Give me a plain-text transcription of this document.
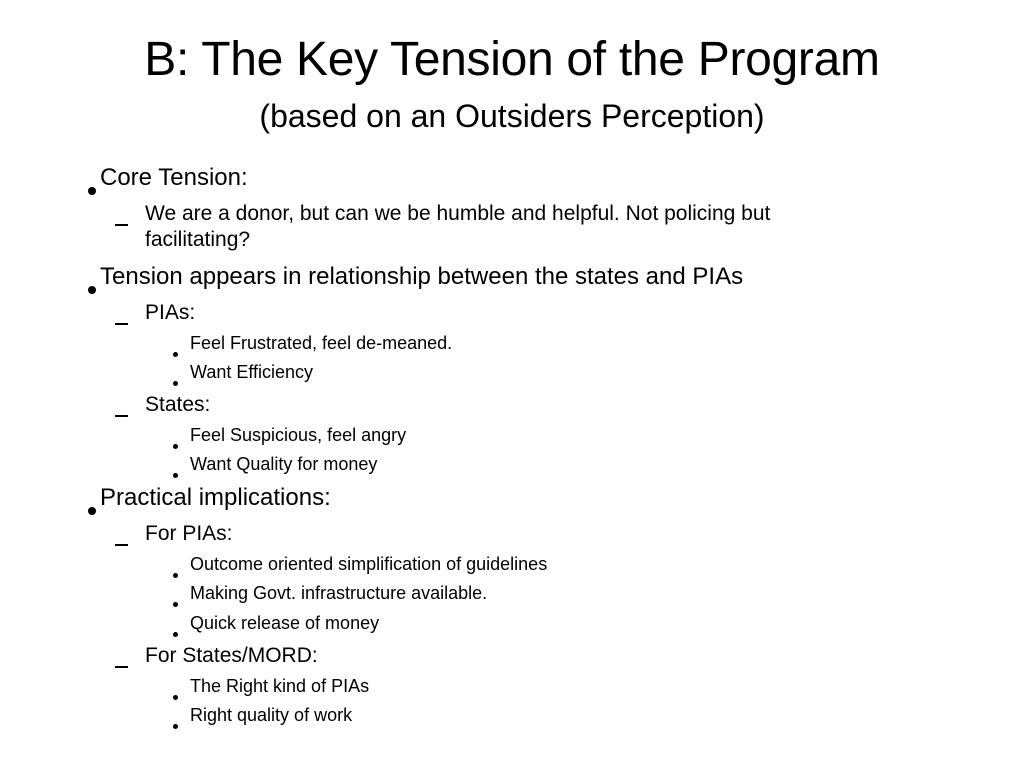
B: The Key Tension of the Program
(based on an Outsiders Perception)
Core Tension:
We are a donor, but can we be humble and helpful. Not policing but
facilitating?
Tension appears in relationship between the states and PIAs
PIAs:
Feel Frustrated, feel de-meaned.
Want Efficiency
States:
Feel Suspicious, feel angry
Want Quality for money
Practical implications:
For PIAs:
Outcome oriented simplification of guidelines
Making Govt. infrastructure available.
Quick release of money
For States/MORD:
The Right kind of PIAs
Right quality of work
